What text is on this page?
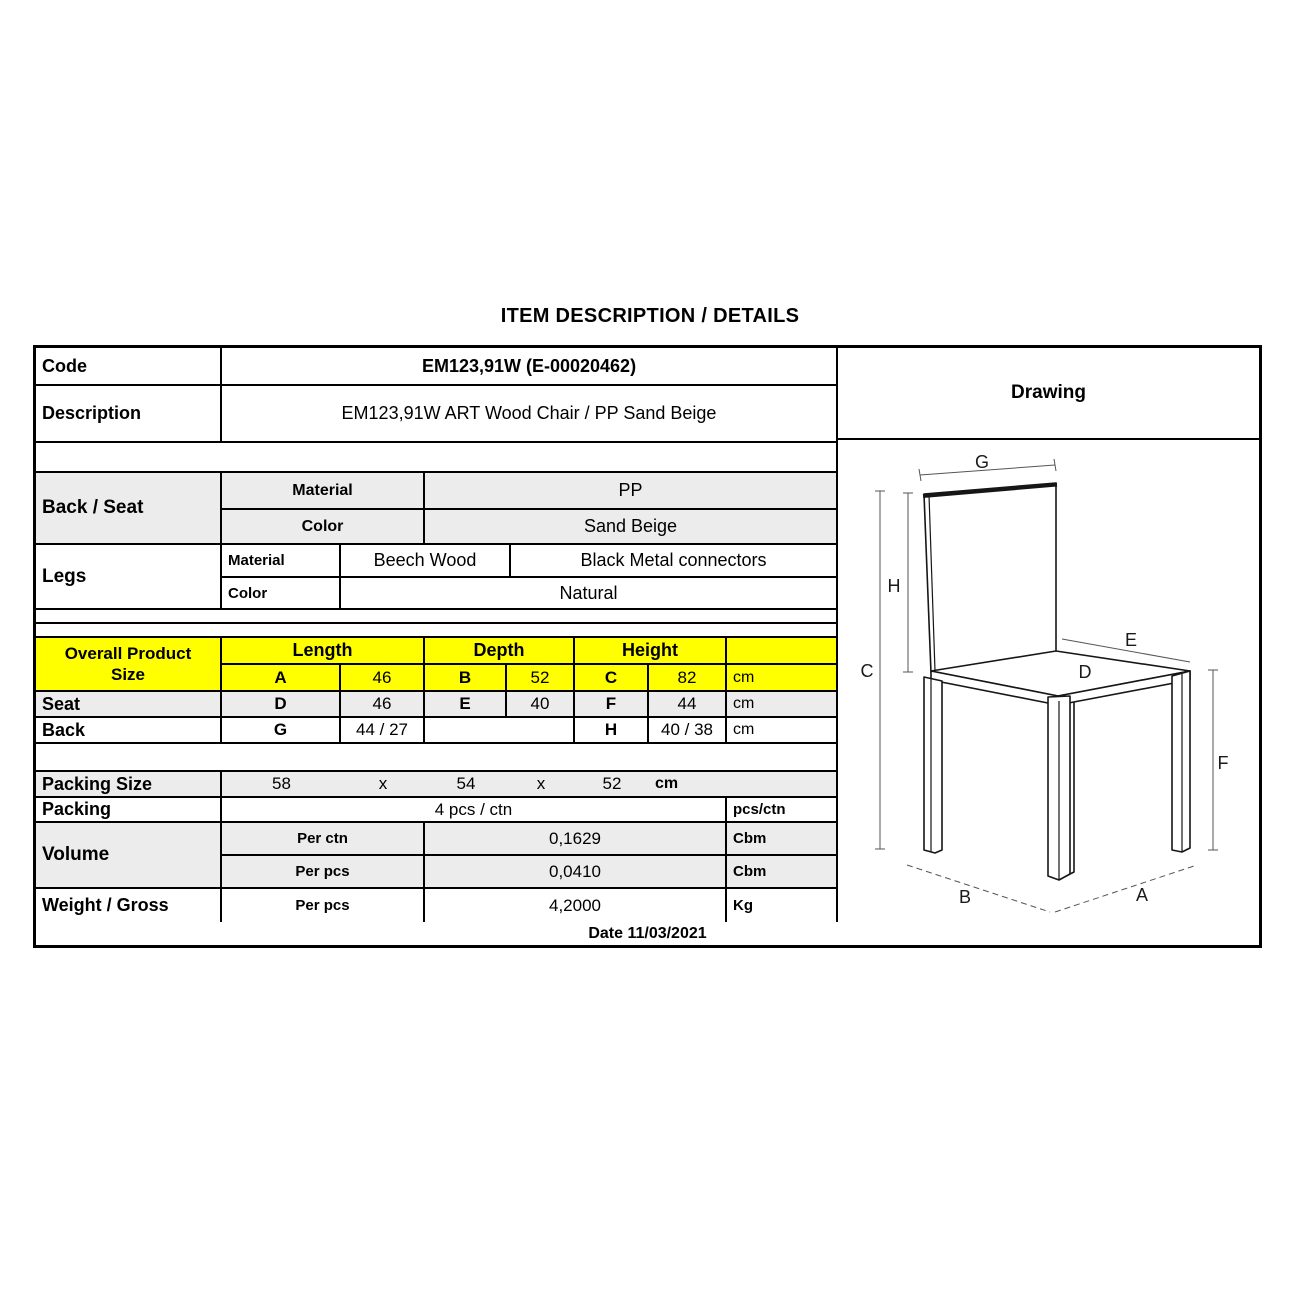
ITEM DESCRIPTION / DETAILS
Code	EM123,91W (E-00020462)
Description	EM123,91W ART Wood Chair / PP Sand Beige
Back / Seat
Material	PP
Color	Sand Beige
Legs
Material	Beech Wood	Black Metal connectors
Color	Natural
Overall Product
Size
Length	Depth	Height
A	46	B	52	C	82	cm
Seat	D	46	E	40	F	44	cm
Back	G	44 / 27	H	40 / 38	cm
Packing Size	58	x	54	x	52	cm
Packing	4 pcs / ctn	pcs/ctn
Volume
Per ctn	0,1629	Cbm
Per pcs	0,0410	Cbm
Weight / Gross	Per pcs	4,2000	Kg
Drawing
C
H
G
E
D
F
B	A
Date 11/03/2021
